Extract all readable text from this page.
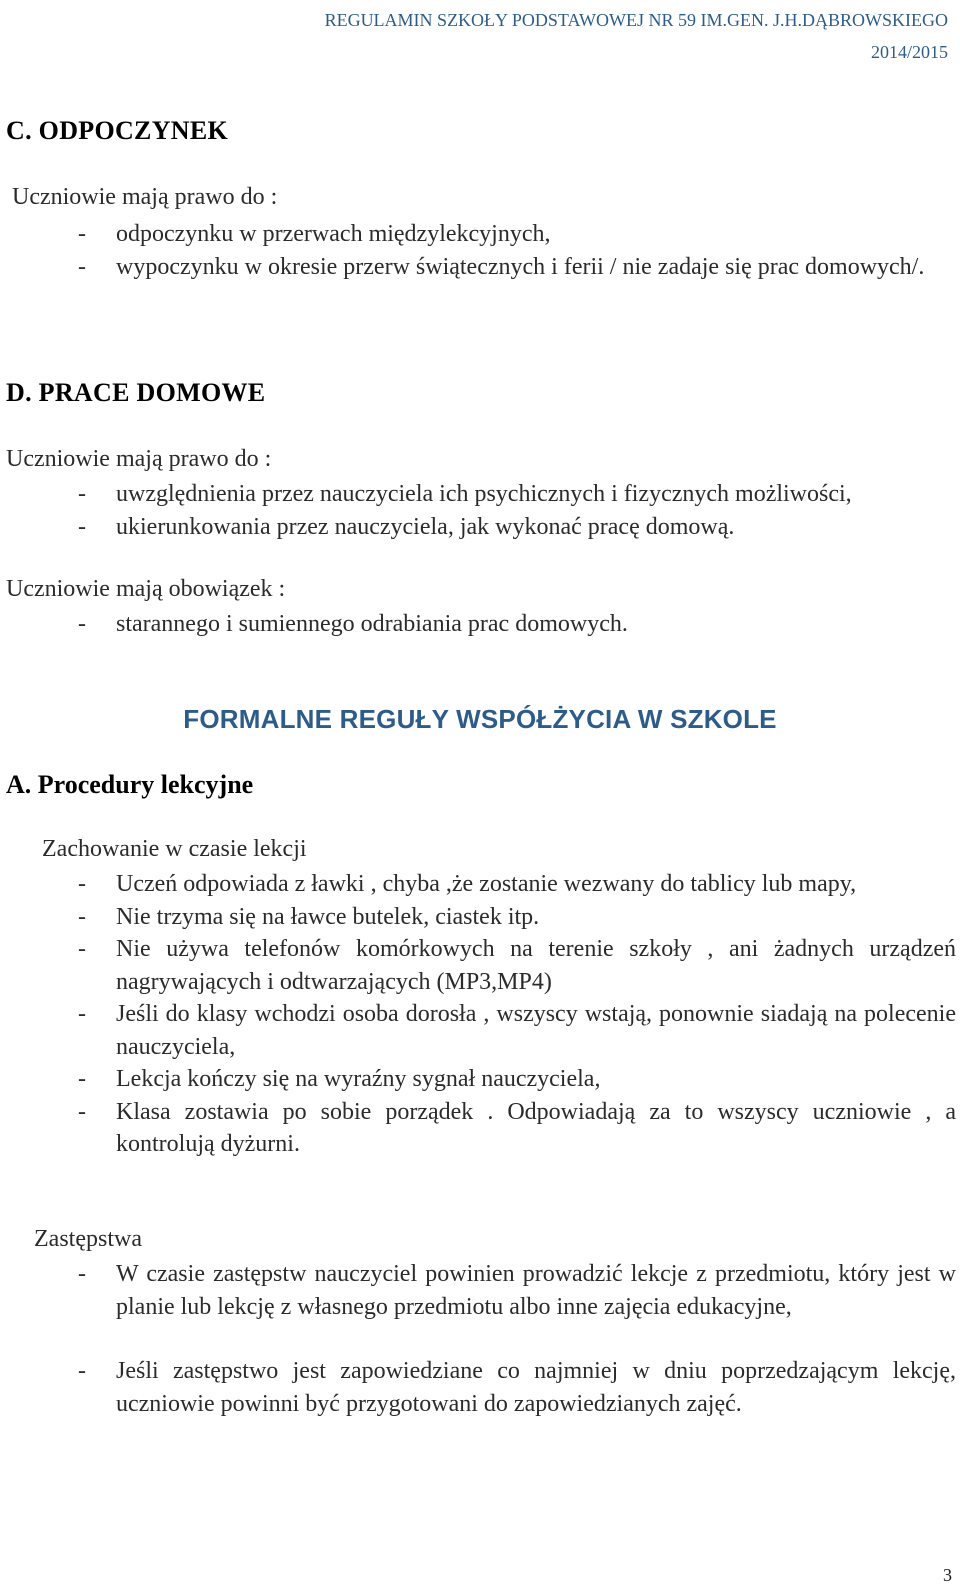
REGULAMIN SZKOŁY PODSTAWOWEJ NR 59 IM.GEN. J.H.DĄBROWSKIEGO
2014/2015
C. ODPOCZYNEK
Uczniowie mają prawo do :
- odpoczynku w przerwach międzylekcyjnych,
- wypoczynku w okresie przerw świątecznych i ferii / nie zadaje się prac domowych/.
D. PRACE DOMOWE
Uczniowie mają prawo do :
- uwzględnienia przez nauczyciela ich psychicznych i fizycznych możliwości,
- ukierunkowania przez nauczyciela, jak wykonać pracę domową.
Uczniowie mają obowiązek :
- starannego i sumiennego odrabiania prac domowych.
FORMALNE REGUŁY WSPÓŁŻYCIA W SZKOLE
A. Procedury lekcyjne
Zachowanie w czasie lekcji
- Uczeń odpowiada z ławki , chyba ,że zostanie wezwany do tablicy lub mapy,
- Nie trzyma się na ławce butelek, ciastek itp.
- Nie używa telefonów komórkowych na terenie szkoły , ani żadnych urządzeń nagrywających i odtwarzających (MP3,MP4)
- Jeśli do klasy wchodzi osoba dorosła , wszyscy wstają, ponownie siadają na polecenie nauczyciela,
- Lekcja kończy się na wyraźny sygnał nauczyciela,
- Klasa zostawia po sobie porządek . Odpowiadają za to wszyscy uczniowie , a kontrolują dyżurni.
Zastępstwa
- W czasie zastępstw nauczyciel powinien prowadzić lekcje z przedmiotu, który jest w planie lub lekcję z własnego przedmiotu albo inne zajęcia edukacyjne,
- Jeśli zastępstwo jest zapowiedziane co najmniej w dniu poprzedzającym lekcję, uczniowie powinni być przygotowani do zapowiedzianych zajęć.
3
